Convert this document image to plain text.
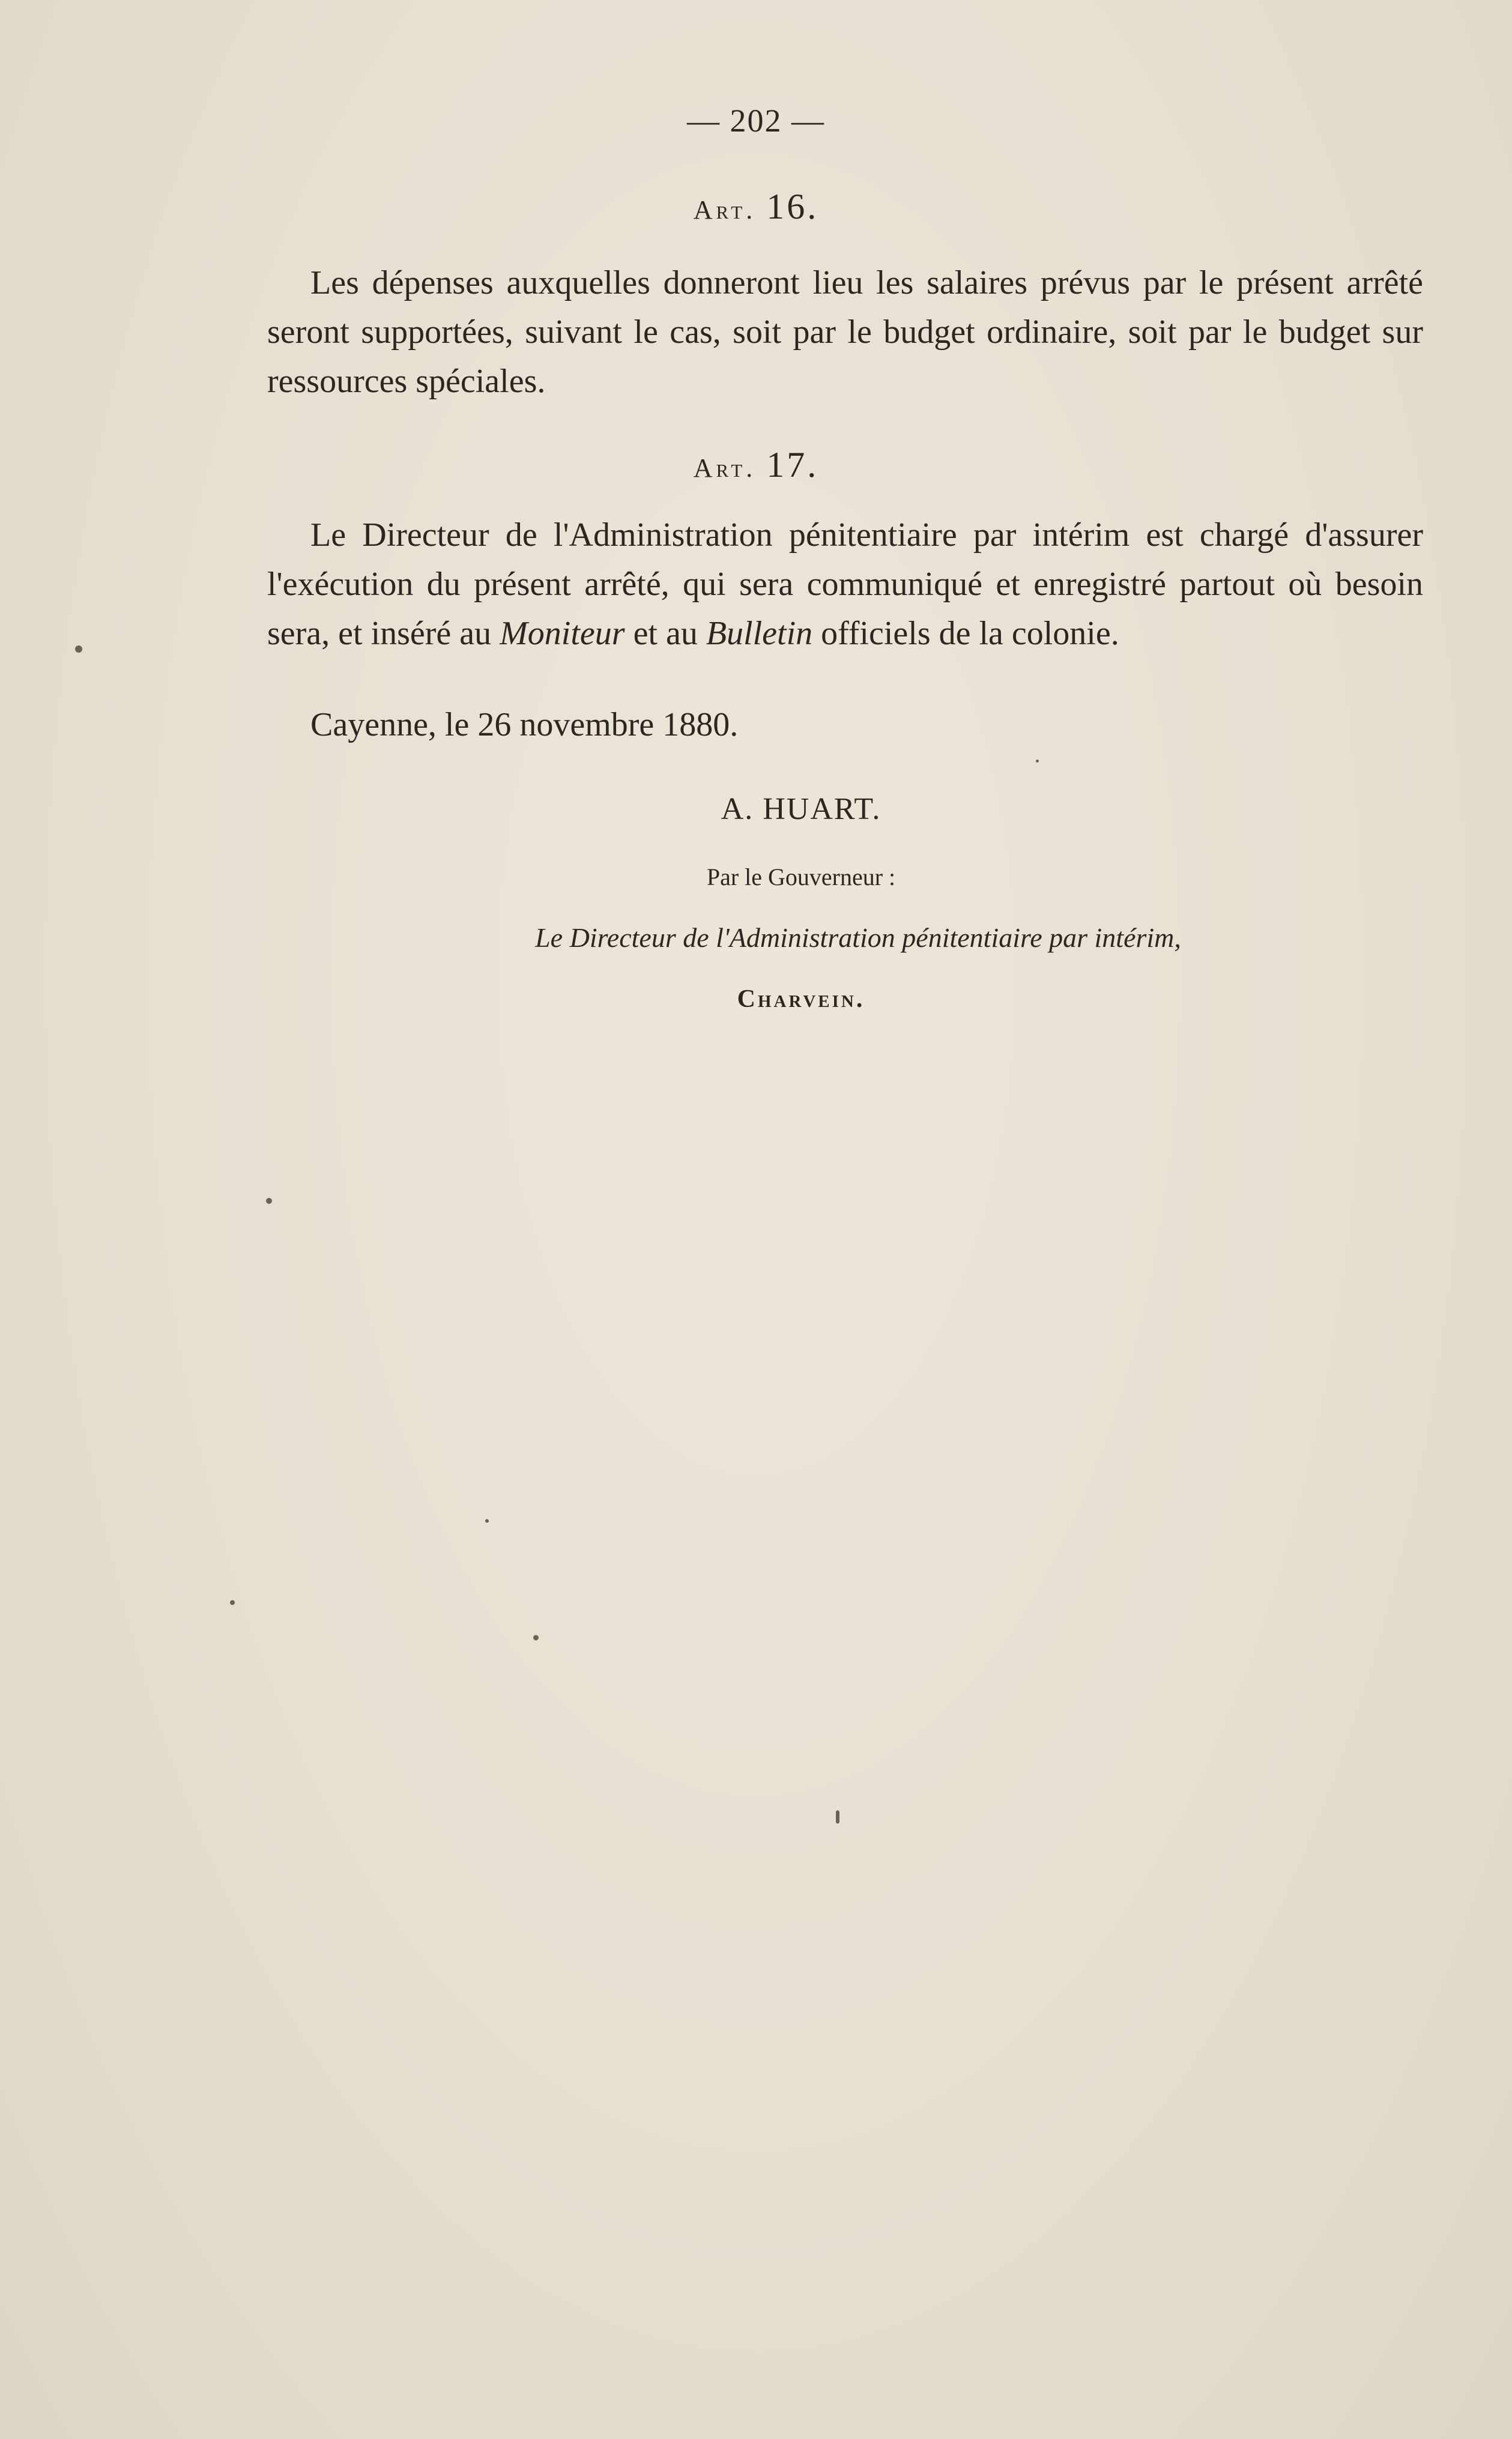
— 202 —
Art. 16.
Les dépenses auxquelles donneront lieu les salaires prévus par le présent arrêté seront supportées, suivant le cas, soit par le budget ordinaire, soit par le budget sur ressources spéciales.
Art. 17.
Le Directeur de l'Administration pénitentiaire par intérim est chargé d'assurer l'exécution du présent arrêté, qui sera communiqué et enregistré partout où besoin sera, et inséré au Moniteur et au Bulletin officiels de la colonie.
Cayenne, le 26 novembre 1880.
A. HUART.
Par le Gouverneur :
Le Directeur de l'Administration pénitentiaire par intérim,
Charvein.
